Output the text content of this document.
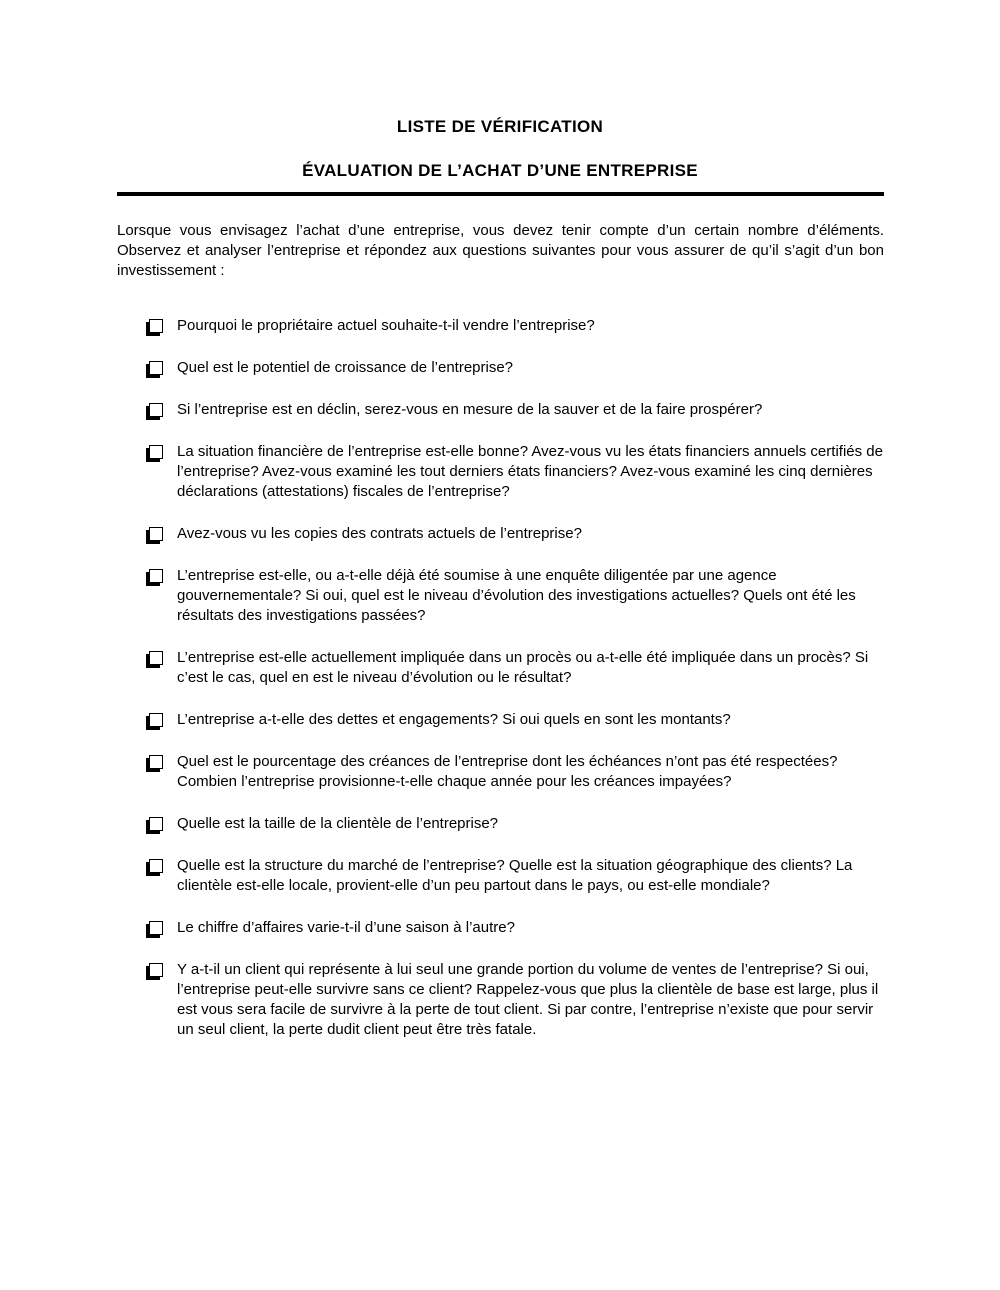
LISTE DE VÉRIFICATION
ÉVALUATION DE L’ACHAT D’UNE ENTREPRISE

Lorsque vous envisagez l’achat d’une entreprise, vous devez tenir compte d’un certain nombre d’éléments. Observez et analyser l’entreprise et répondez aux questions suivantes pour vous assurer de qu’il s’agit d’un bon investissement :

Pourquoi le propriétaire actuel souhaite-t-il vendre l’entreprise?
Quel est le potentiel de croissance de l’entreprise?
Si l’entreprise est en déclin, serez-vous en mesure de la sauver et de la faire prospérer?
La situation financière de l’entreprise est-elle bonne? Avez-vous vu les états financiers annuels certifiés de l’entreprise? Avez-vous examiné les tout derniers états financiers? Avez-vous examiné les cinq dernières déclarations (attestations) fiscales de l’entreprise?
Avez-vous vu les copies des contrats actuels de l’entreprise?
L’entreprise est-elle, ou a-t-elle déjà été soumise à une enquête diligentée par une agence gouvernementale? Si oui, quel est le niveau d’évolution des investigations actuelles? Quels ont été les résultats des investigations passées?
L’entreprise est-elle actuellement impliquée dans un procès ou a-t-elle été impliquée dans un procès? Si c’est le cas, quel en est le niveau d’évolution ou le résultat?
L’entreprise a-t-elle des dettes et engagements? Si oui quels en sont les montants?
Quel est le pourcentage des créances de l’entreprise dont les échéances n’ont pas été respectées? Combien l’entreprise provisionne-t-elle chaque année pour les créances impayées?
Quelle est la taille de la clientèle de l’entreprise?
Quelle est la structure du marché de l’entreprise? Quelle est la situation géographique des clients? La clientèle est-elle locale, provient-elle d’un peu partout dans le pays, ou est-elle mondiale?
Le chiffre d’affaires varie-t-il d’une saison à l’autre?
Y a-t-il un client qui représente à lui seul une grande portion du volume de ventes de l’entreprise? Si oui, l’entreprise peut-elle survivre sans ce client? Rappelez-vous que plus la clientèle de base est large, plus il est vous sera facile de survivre à la perte de tout client. Si par contre, l’entreprise n’existe que pour servir un seul client, la perte dudit client peut être très fatale.
